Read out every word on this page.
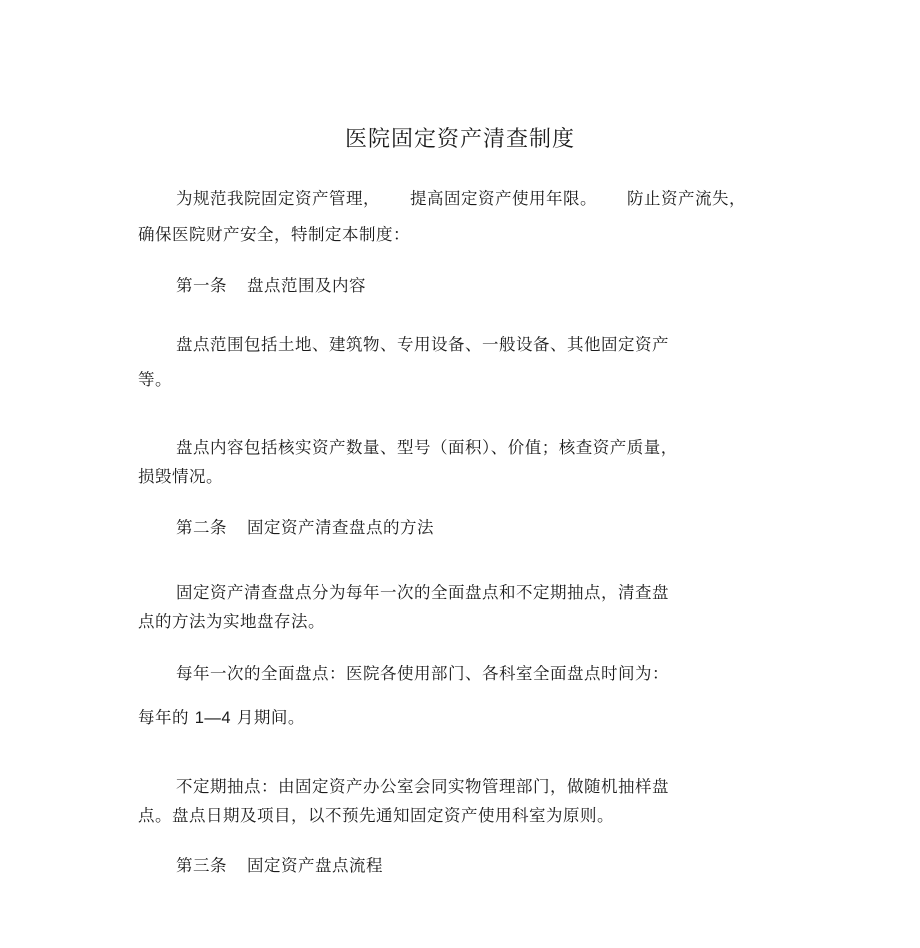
医院固定资产清查制度

为规范我院固定资产管理， 提高固定资产使用年限。 防止资产流失，

确保医院财产安全，特制定本制度：

第一条 盘点范围及内容

盘点范围包括土地、建筑物、专用设备、一般设备、其他固定资产

等。

盘点内容包括核实资产数量、型号（面积）、价值；核查资产质量，

损毁情况。

第二条 固定资产清查盘点的方法

固定资产清查盘点分为每年一次的全面盘点和不定期抽点，清查盘

点的方法为实地盘存法。

每年一次的全面盘点：医院各使用部门、各科室全面盘点时间为：

每年的 1—4 月期间。

不定期抽点：由固定资产办公室会同实物管理部门，做随机抽样盘

点。盘点日期及项目，以不预先通知固定资产使用科室为原则。

第三条 固定资产盘点流程
